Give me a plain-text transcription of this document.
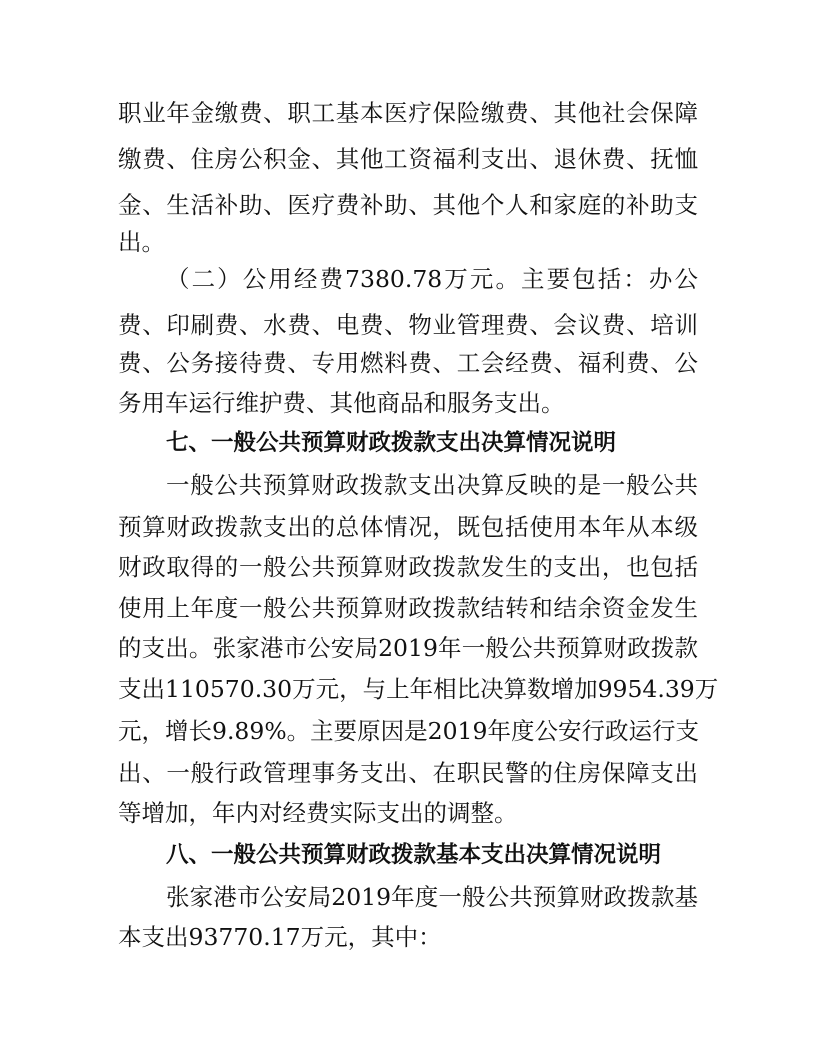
职业年金缴费、职工基本医疗保险缴费、其他社会保障
缴费、住房公积金、其他工资福利支出、退休费、抚恤
金、生活补助、医疗费补助、其他个人和家庭的补助支
出。
（二）公用经费7380.78万元。主要包括：办公
费、印刷费、水费、电费、物业管理费、会议费、培训
费、公务接待费、专用燃料费、工会经费、福利费、公
务用车运行维护费、其他商品和服务支出。
七、一般公共预算财政拨款支出决算情况说明
一般公共预算财政拨款支出决算反映的是一般公共
预算财政拨款支出的总体情况，既包括使用本年从本级
财政取得的一般公共预算财政拨款发生的支出，也包括
使用上年度一般公共预算财政拨款结转和结余资金发生
的支出。张家港市公安局2019年一般公共预算财政拨款
支出110570.30万元，与上年相比决算数增加9954.39万
元，增长9.89%。主要原因是2019年度公安行政运行支
出、一般行政管理事务支出、在职民警的住房保障支出
等增加，年内对经费实际支出的调整。
八、一般公共预算财政拨款基本支出决算情况说明
张家港市公安局2019年度一般公共预算财政拨款基
本支出93770.17万元，其中：
